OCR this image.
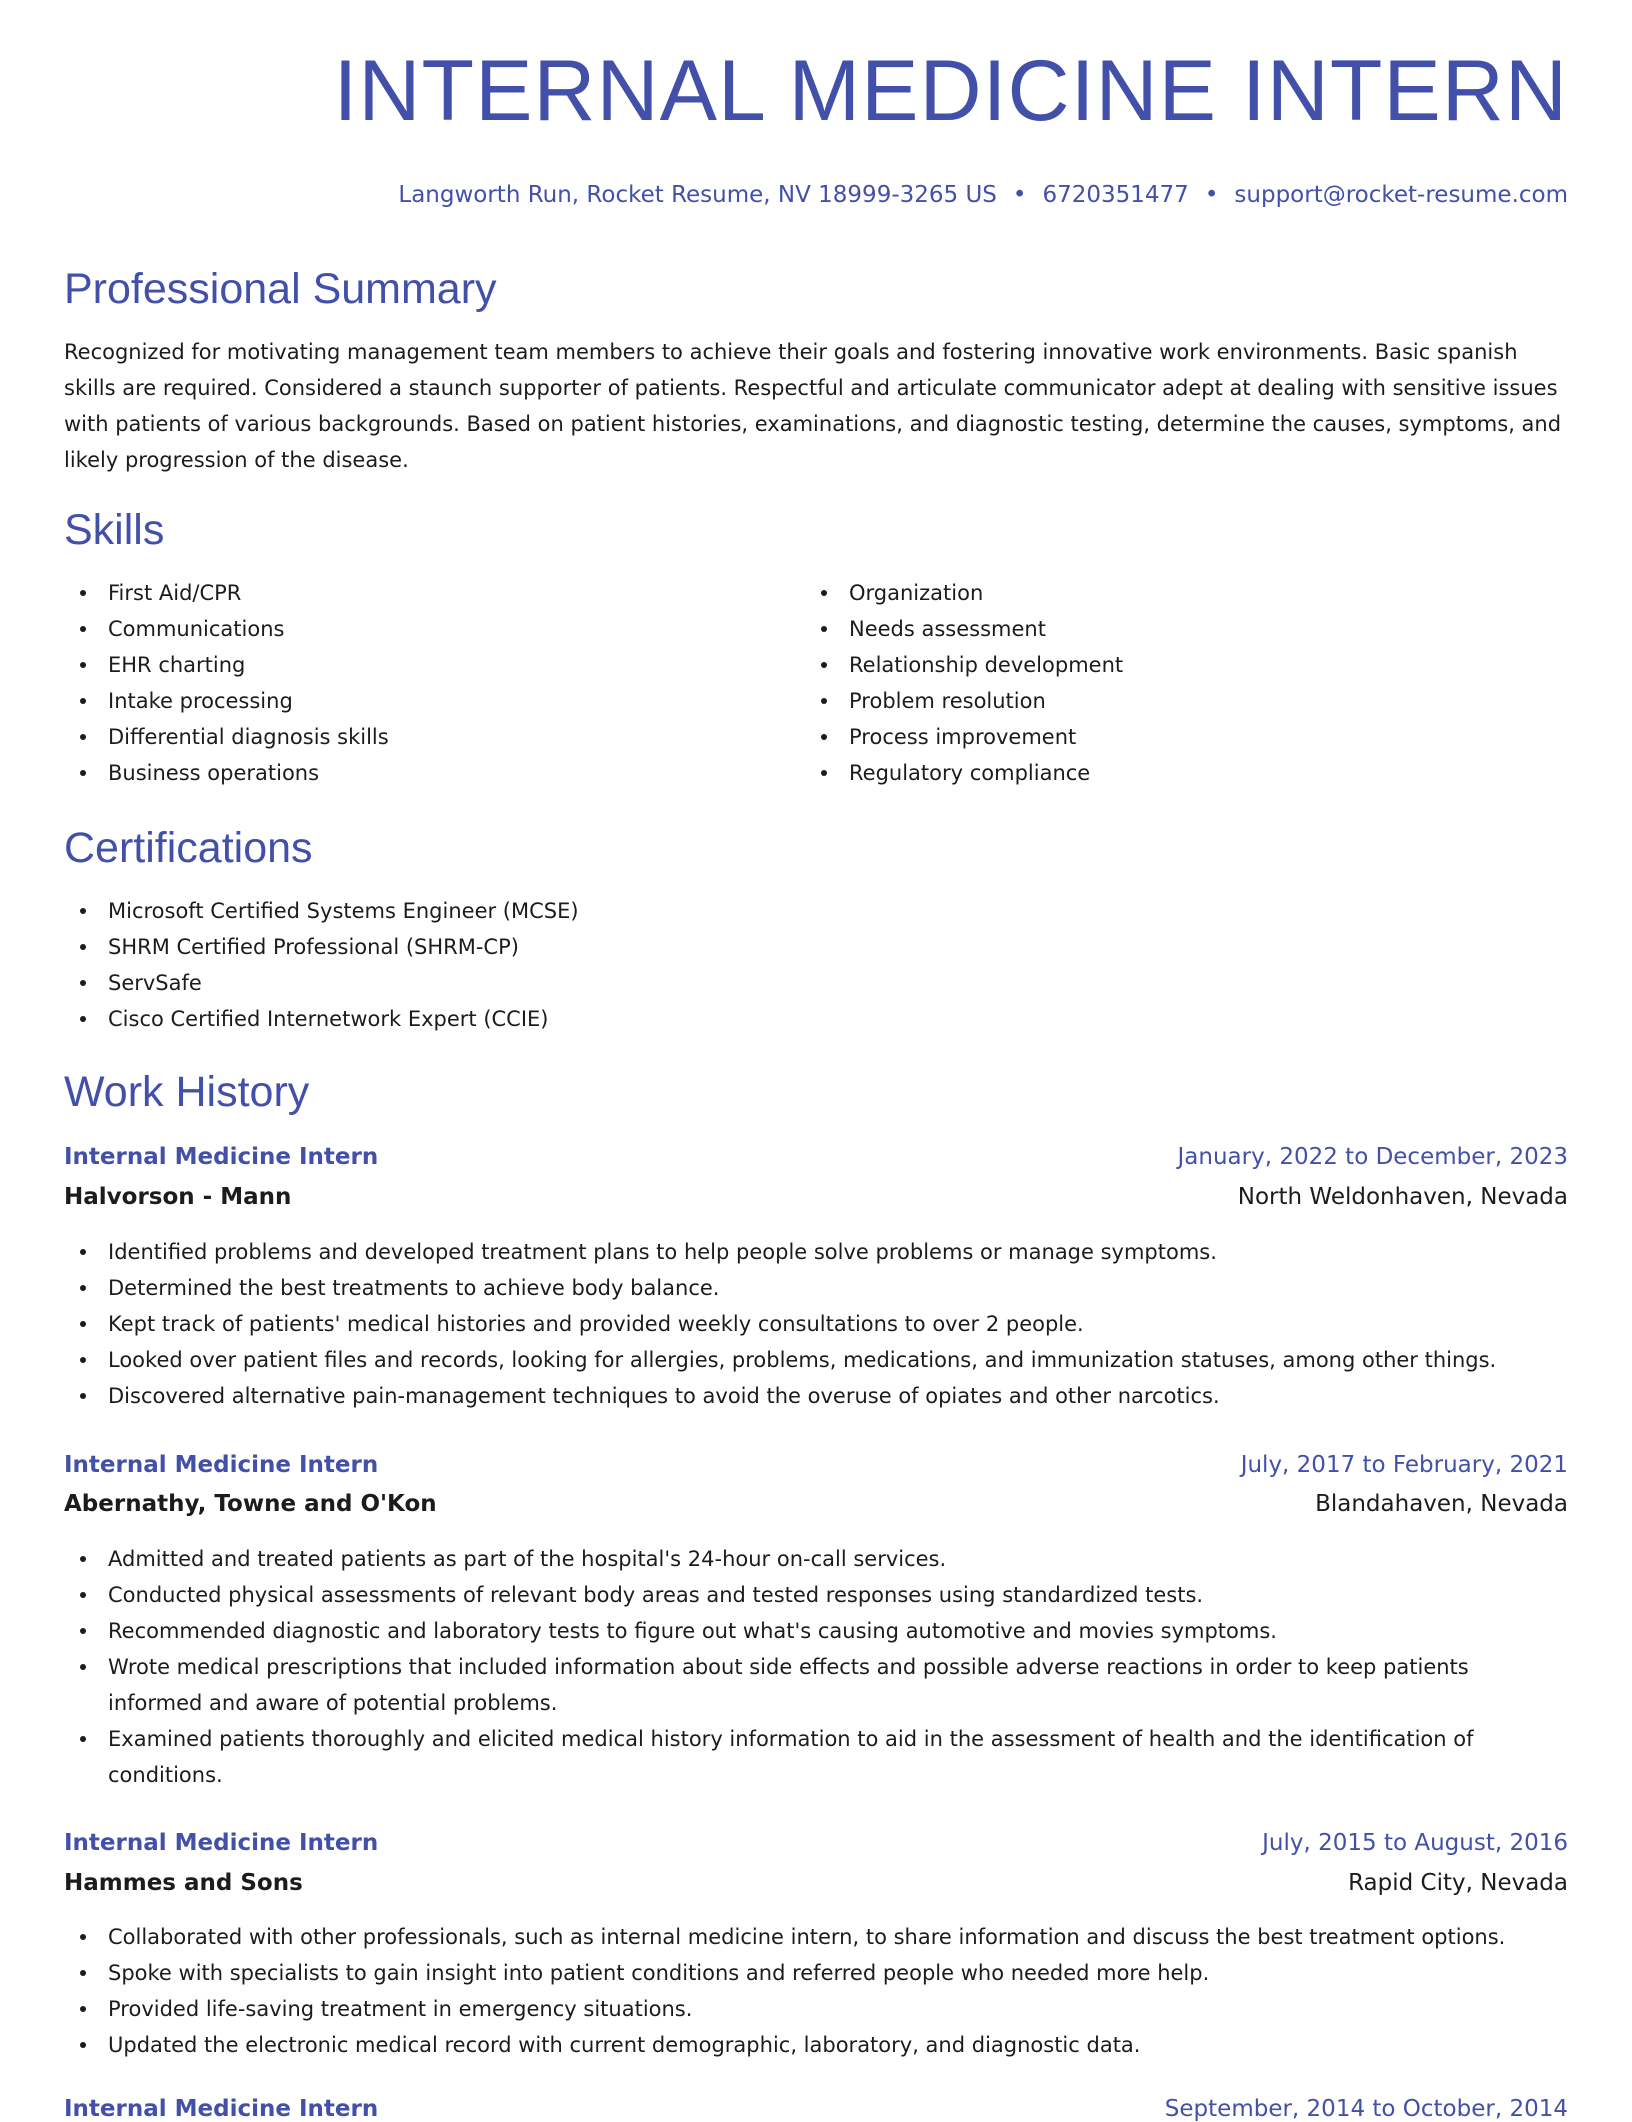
INTERNAL MEDICINE INTERN
Langworth Run, Rocket Resume, NV 18999-3265 US • 6720351477 • support@rocket-resume.com
Professional Summary

Recognized for motivating management team members to achieve their goals and fostering innovative work environments. Basic spanish skills are required. Considered a staunch supporter of patients. Respectful and articulate communicator adept at dealing with sensitive issues with patients of various backgrounds. Based on patient histories, examinations, and diagnostic testing, determine the causes, symptoms, and likely progression of the disease.

Skills
First Aid/CPR
Communications
EHR charting
Intake processing
Differential diagnosis skills
Business operations
Organization
Needs assessment
Relationship development
Problem resolution
Process improvement
Regulatory compliance
Certifications
Microsoft Certified Systems Engineer (MCSE)
SHRM Certified Professional (SHRM-CP)
ServSafe
Cisco Certified Internetwork Expert (CCIE)
Work History
Internal Medicine Intern	January, 2022 to December, 2023
Halvorson - Mann	North Weldonhaven, Nevada
Identified problems and developed treatment plans to help people solve problems or manage symptoms.
Determined the best treatments to achieve body balance.
Kept track of patients' medical histories and provided weekly consultations to over 2 people.
Looked over patient files and records, looking for allergies, problems, medications, and immunization statuses, among other things.
Discovered alternative pain-management techniques to avoid the overuse of opiates and other narcotics.
Internal Medicine Intern	July, 2017 to February, 2021
Abernathy, Towne and O'Kon	Blandahaven, Nevada
Admitted and treated patients as part of the hospital's 24-hour on-call services.
Conducted physical assessments of relevant body areas and tested responses using standardized tests.
Recommended diagnostic and laboratory tests to figure out what's causing automotive and movies symptoms.
Wrote medical prescriptions that included information about side effects and possible adverse reactions in order to keep patients informed and aware of potential problems.
Examined patients thoroughly and elicited medical history information to aid in the assessment of health and the identification of conditions.
Internal Medicine Intern	July, 2015 to August, 2016
Hammes and Sons	Rapid City, Nevada
Collaborated with other professionals, such as internal medicine intern, to share information and discuss the best treatment options.
Spoke with specialists to gain insight into patient conditions and referred people who needed more help.
Provided life-saving treatment in emergency situations.
Updated the electronic medical record with current demographic, laboratory, and diagnostic data.
Internal Medicine Intern	September, 2014 to October, 2014
